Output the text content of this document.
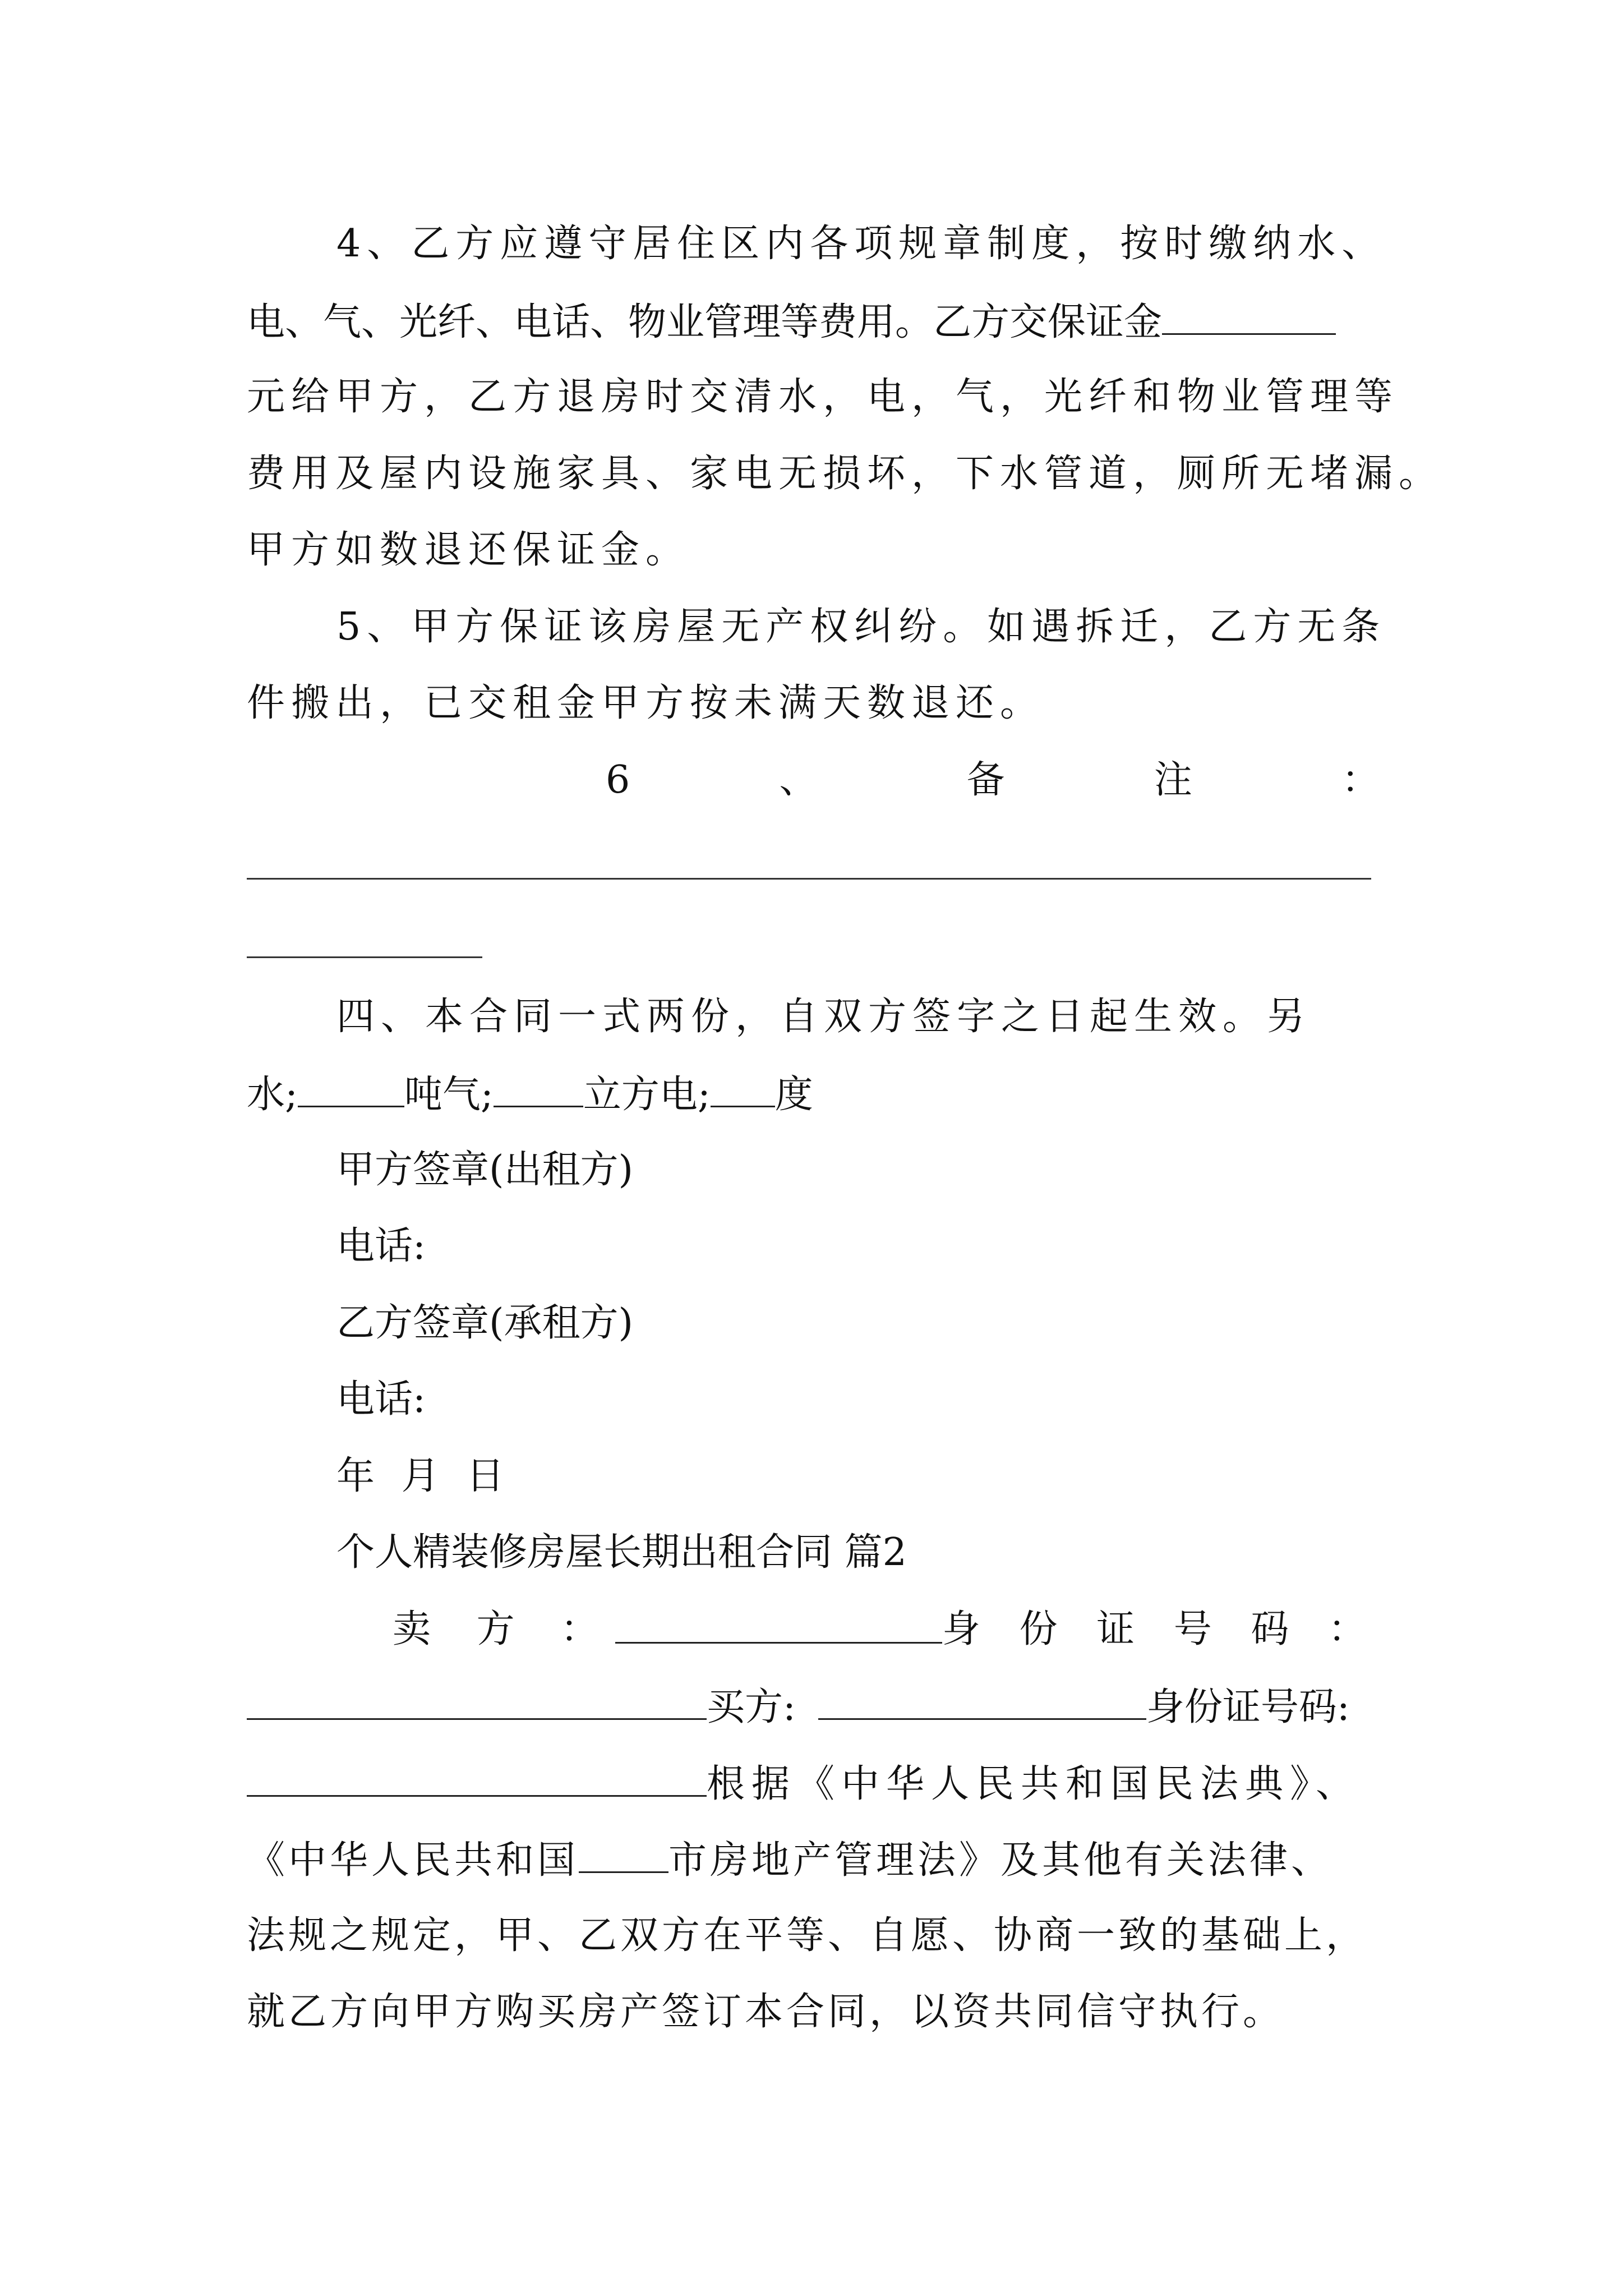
4、乙方应遵守居住区内各项规章制度，按时缴纳水、
电、气、光纤、电话、物业管理等费用。乙方交保证金
元给甲方，乙方退房时交清水，电，气，光纤和物业管理等
费用及屋内设施家具、家电无损坏，下水管道，厕所无堵漏。
甲方如数退还保证金。
5、甲方保证该房屋无产权纠纷。如遇拆迁，乙方无条
件搬出，已交租金甲方按未满天数退还。
6	、	备	注	：
四、本合同一式两份，自双方签字之日起生效。另
水;	吨气; 立方电; 度
甲方签章(出租方)
电话:
乙方签章(承租方)
电话:
年 月 日
个人精装修房屋长期出租合同 篇2
卖 方 ：	身 份 证 号 码 ：
买方:	身份证号码:
根据《中华人民共和国民法典》、
《中华人民共和国 市房地产管理法》及其他有关法律、
法规之规定，甲、乙双方在平等、自愿、协商一致的基础上，
就乙方向甲方购买房产签订本合同，以资共同信守执行。
